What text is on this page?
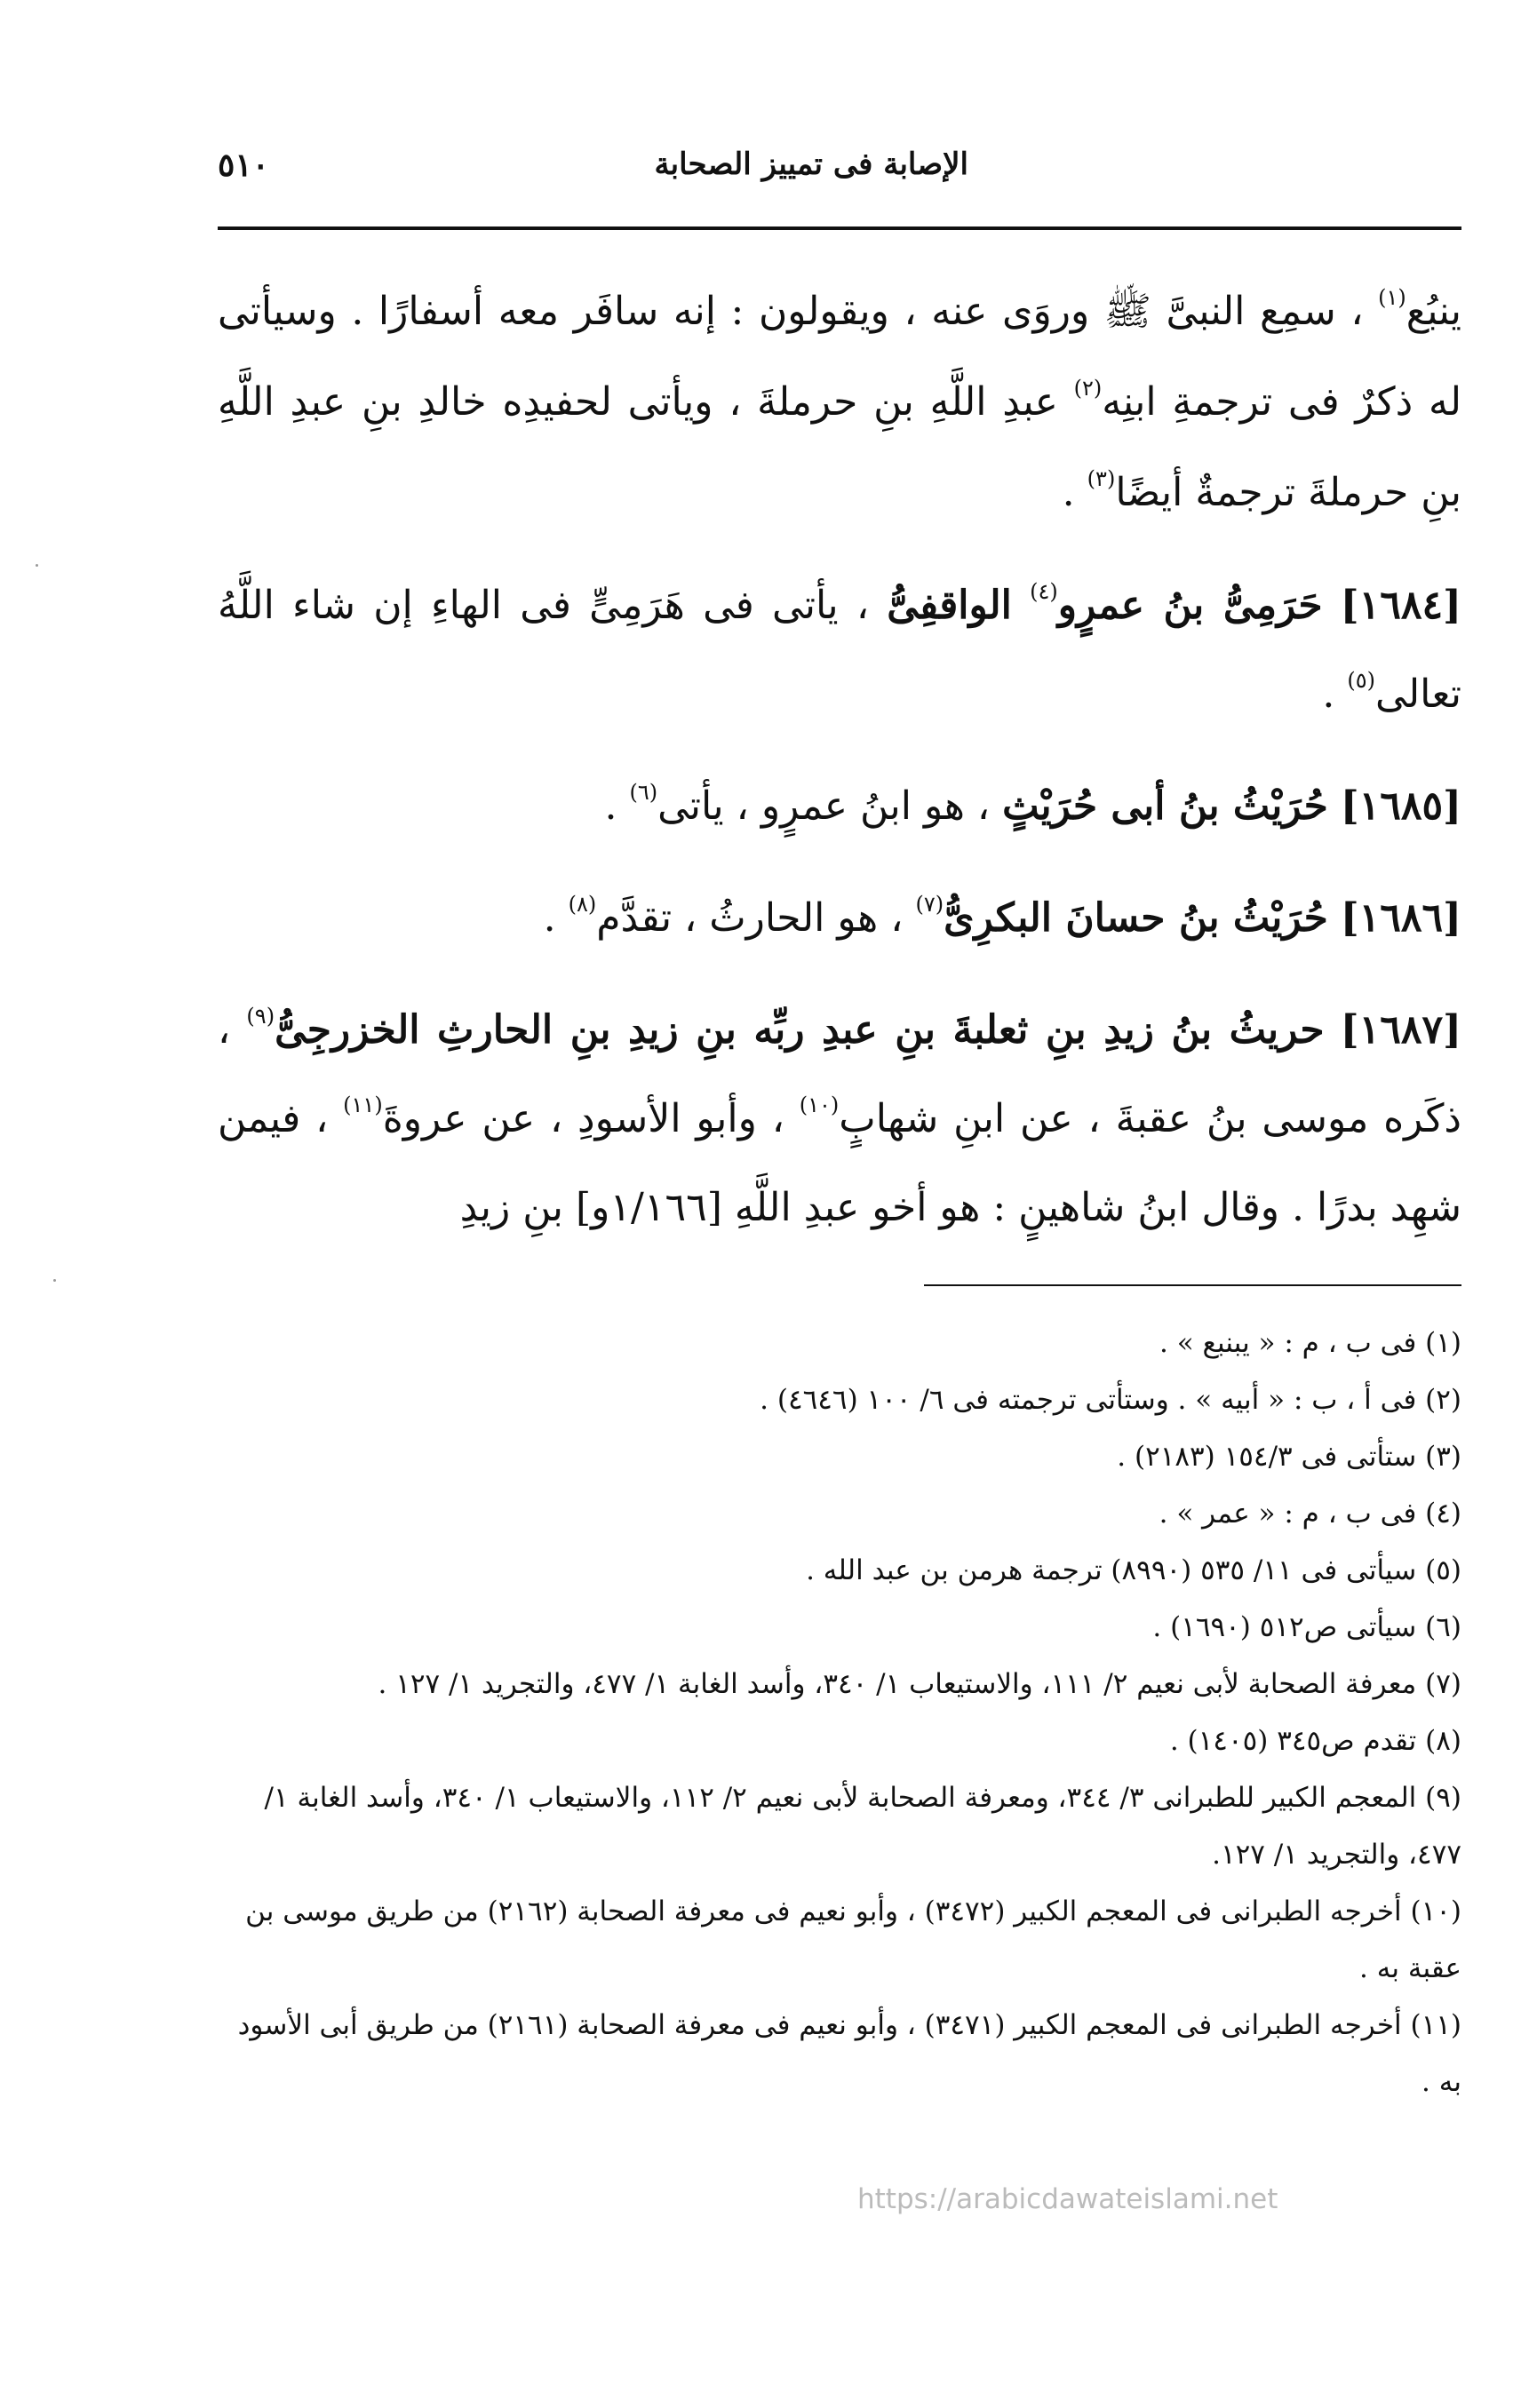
الإصابة فى تمييز الصحابة
٥١٠

ينبُع$^{(١)}$ ، سمِع النبىَّ ﷺ وروَى عنه ، ويقولون : إنه سافَر معه أسفارًا . وسيأتى له ذكرٌ فى ترجمةِ ابنِه$^{(٢)}$ عبدِ اللَّهِ بنِ حرملةَ ، ويأتى لحفيدِه خالدِ بنِ عبدِ اللَّهِ بنِ حرملةَ ترجمةٌ أيضًا$^{(٣)}$ .

[١٦٨٤] حَرَمِىُّ بنُ عمرٍو$^{(٤)}$ الواقفِىُّ ، يأتى فى هَرَمِىٍّ فى الهاءِ إن شاء اللَّهُ تعالى$^{(٥)}$ .

[١٦٨٥] حُرَيْثُ بنُ أبى حُرَيْثٍ ، هو ابنُ عمرٍو ، يأتى$^{(٦)}$ .

[١٦٨٦] حُرَيْثُ بنُ حسانَ البكرِىُّ$^{(٧)}$ ، هو الحارثُ ، تقدَّم$^{(٨)}$ .

[١٦٨٧] حريثُ بنُ زيدِ بنِ ثعلبةَ بنِ عبدِ ربِّه بنِ زيدِ بنِ الحارثِ الخزرجِىُّ$^{(٩)}$ ، ذكَره موسى بنُ عقبةَ ، عن ابنِ شهابٍ$^{(١٠)}$ ، وأبو الأسودِ ، عن عروةَ$^{(١١)}$ ، فيمن شهِد بدرًا . وقال ابنُ شاهينٍ : هو أخو عبدِ اللَّهِ [١/١٦٦و] بنِ زيدِ

(١) فى ب ، م : « يبنبع » .

(٢) فى أ ، ب : « أبيه » . وستأتى ترجمته فى ٦/ ١٠٠ (٤٦٤٦) .

(٣) ستأتى فى ١٥٤/٣ (٢١٨٣) .

(٤) فى ب ، م : « عمر » .

(٥) سيأتى فى ١١/ ٥٣٥ (٨٩٩٠) ترجمة هرمن بن عبد الله .

(٦) سيأتى ص٥١٢ (١٦٩٠) .

(٧) معرفة الصحابة لأبى نعيم ٢/ ١١١، والاستيعاب ١/ ٣٤٠، وأسد الغابة ١/ ٤٧٧، والتجريد ١/ ١٢٧ .

(٨) تقدم ص٣٤٥ (١٤٠٥) .

(٩) المعجم الكبير للطبرانى ٣/ ٣٤٤، ومعرفة الصحابة لأبى نعيم ٢/ ١١٢، والاستيعاب ١/ ٣٤٠، وأسد الغابة ١/ ٤٧٧، والتجريد ١/ ١٢٧.

(١٠) أخرجه الطبرانى فى المعجم الكبير (٣٤٧٢) ، وأبو نعيم فى معرفة الصحابة (٢١٦٢) من طريق موسى بن عقبة به .

(١١) أخرجه الطبرانى فى المعجم الكبير (٣٤٧١) ، وأبو نعيم فى معرفة الصحابة (٢١٦١) من طريق أبى الأسود به .

https://arabicdawateislami.net
